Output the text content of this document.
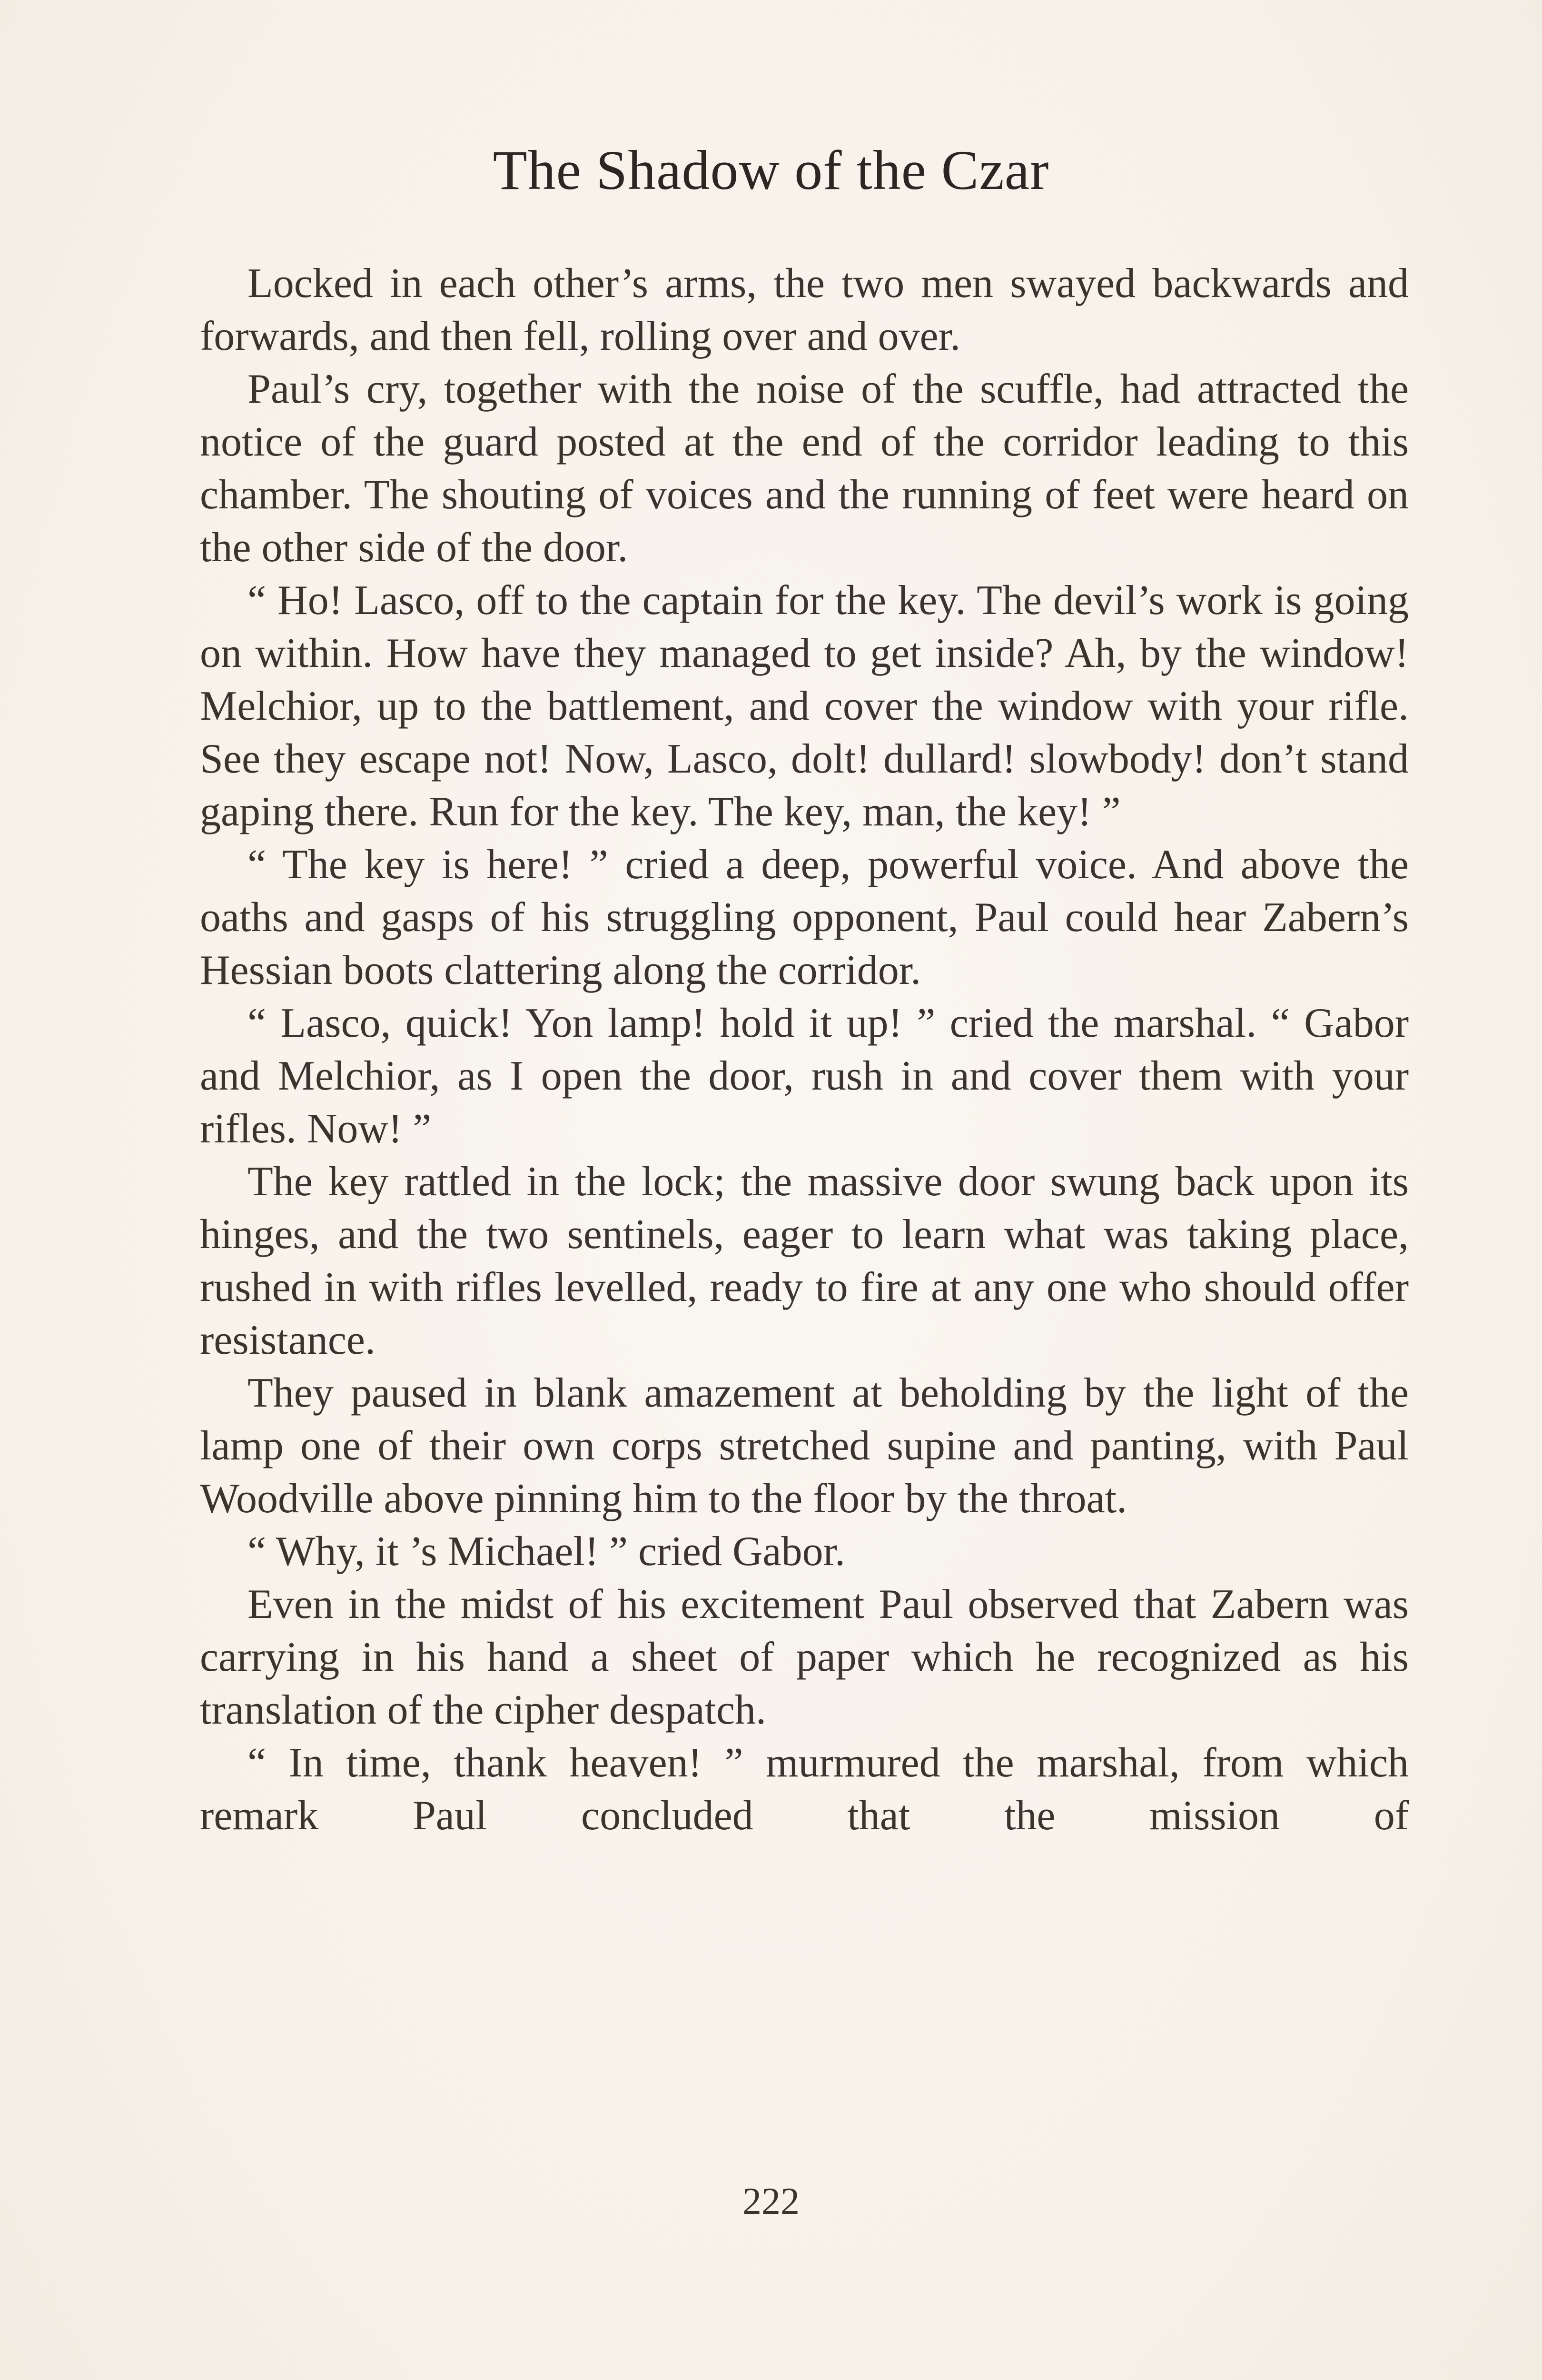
The Shadow of the Czar

Locked in each other’s arms, the two men swayed backwards and forwards, and then fell, rolling over and over.

Paul’s cry, together with the noise of the scuffle, had attracted the notice of the guard posted at the end of the corridor leading to this chamber. The shouting of voices and the running of feet were heard on the other side of the door.

“ Ho! Lasco, off to the captain for the key. The devil’s work is going on within. How have they managed to get inside? Ah, by the window! Melchior, up to the battlement, and cover the window with your rifle. See they escape not! Now, Lasco, dolt! dullard! slowbody! don’t stand gaping there. Run for the key. The key, man, the key! ”

“ The key is here! ” cried a deep, powerful voice. And above the oaths and gasps of his struggling opponent, Paul could hear Zabern’s Hessian boots clattering along the corridor.

“ Lasco, quick! Yon lamp! hold it up! ” cried the marshal. “ Gabor and Melchior, as I open the door, rush in and cover them with your rifles. Now! ”

The key rattled in the lock; the massive door swung back upon its hinges, and the two sentinels, eager to learn what was taking place, rushed in with rifles levelled, ready to fire at any one who should offer resistance.

They paused in blank amazement at beholding by the light of the lamp one of their own corps stretched supine and panting, with Paul Woodville above pinning him to the floor by the throat.

“ Why, it ’s Michael! ” cried Gabor.

Even in the midst of his excitement Paul observed that Zabern was carrying in his hand a sheet of paper which he recognized as his translation of the cipher despatch.

“ In time, thank heaven! ” murmured the marshal, from which remark Paul concluded that the mission of

222
